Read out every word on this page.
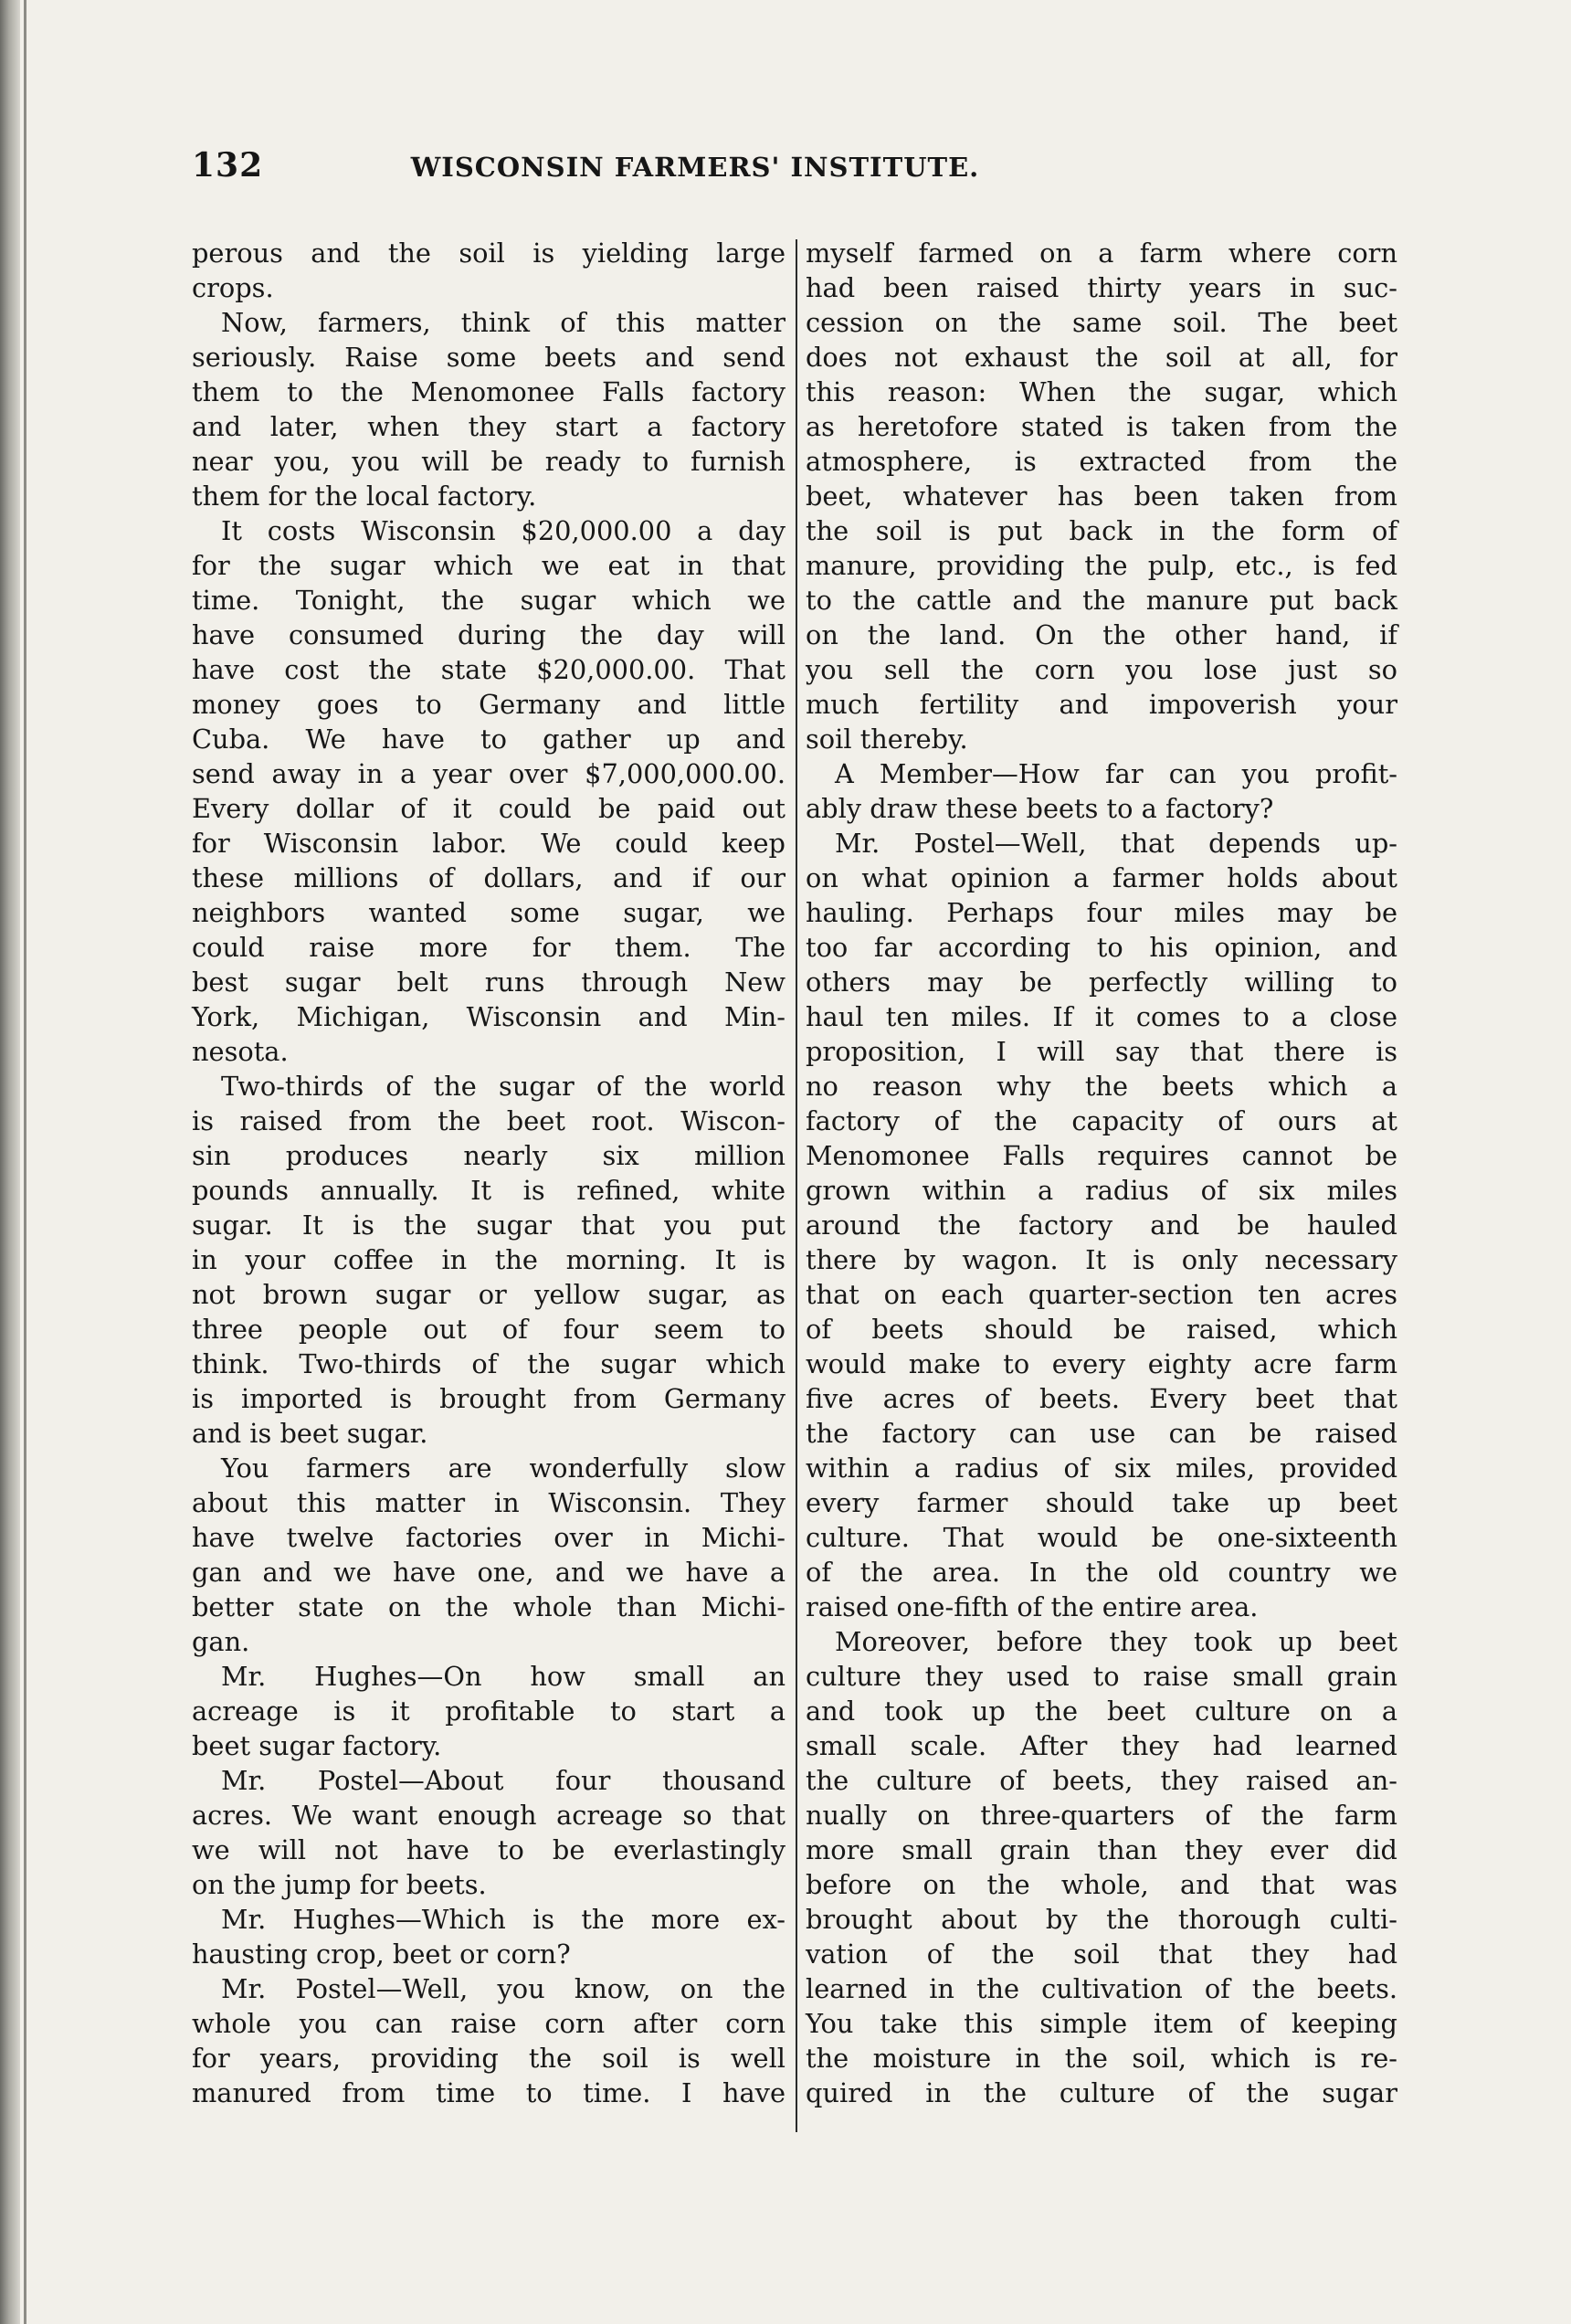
132	WISCONSIN FARMERS' INSTITUTE.
perous and the soil is yielding large
crops.
Now, farmers, think of this matter
seriously. Raise some beets and send
them to the Menomonee Falls factory
and later, when they start a factory
near you, you will be ready to furnish
them for the local factory.
It costs Wisconsin $20,000.00 a day
for the sugar which we eat in that
time. Tonight, the sugar which we
have consumed during the day will
have cost the state $20,000.00. That
money goes to Germany and little
Cuba. We have to gather up and
send away in a year over $7,000,000.00.
Every dollar of it could be paid out
for Wisconsin labor. We could keep
these millions of dollars, and if our
neighbors wanted some sugar, we
could raise more for them. The
best sugar belt runs through New
York, Michigan, Wisconsin and Min-
nesota.
Two-thirds of the sugar of the world
is raised from the beet root. Wiscon-
sin produces nearly six million
pounds annually. It is refined, white
sugar. It is the sugar that you put
in your coffee in the morning. It is
not brown sugar or yellow sugar, as
three people out of four seem to
think. Two-thirds of the sugar which
is imported is brought from Germany
and is beet sugar.
You farmers are wonderfully slow
about this matter in Wisconsin. They
have twelve factories over in Michi-
gan and we have one, and we have a
better state on the whole than Michi-
gan.
Mr. Hughes—On how small an
acreage is it profitable to start a
beet sugar factory.
Mr. Postel—About four thousand
acres. We want enough acreage so that
we will not have to be everlastingly
on the jump for beets.
Mr. Hughes—Which is the more ex-
hausting crop, beet or corn?
Mr. Postel—Well, you know, on the
whole you can raise corn after corn
for years, providing the soil is well
manured from time to time. I have
myself farmed on a farm where corn
had been raised thirty years in suc-
cession on the same soil. The beet
does not exhaust the soil at all, for
this reason: When the sugar, which
as heretofore stated is taken from the
atmosphere, is extracted from the
beet, whatever has been taken from
the soil is put back in the form of
manure, providing the pulp, etc., is fed
to the cattle and the manure put back
on the land. On the other hand, if
you sell the corn you lose just so
much fertility and impoverish your
soil thereby.
A Member—How far can you profit-
ably draw these beets to a factory?
Mr. Postel—Well, that depends up-
on what opinion a farmer holds about
hauling. Perhaps four miles may be
too far according to his opinion, and
others may be perfectly willing to
haul ten miles. If it comes to a close
proposition, I will say that there is
no reason why the beets which a
factory of the capacity of ours at
Menomonee Falls requires cannot be
grown within a radius of six miles
around the factory and be hauled
there by wagon. It is only necessary
that on each quarter-section ten acres
of beets should be raised, which
would make to every eighty acre farm
five acres of beets. Every beet that
the factory can use can be raised
within a radius of six miles, provided
every farmer should take up beet
culture. That would be one-sixteenth
of the area. In the old country we
raised one-fifth of the entire area.
Moreover, before they took up beet
culture they used to raise small grain
and took up the beet culture on a
small scale. After they had learned
the culture of beets, they raised an-
nually on three-quarters of the farm
more small grain than they ever did
before on the whole, and that was
brought about by the thorough culti-
vation of the soil that they had
learned in the cultivation of the beets.
You take this simple item of keeping
the moisture in the soil, which is re-
quired in the culture of the sugar
